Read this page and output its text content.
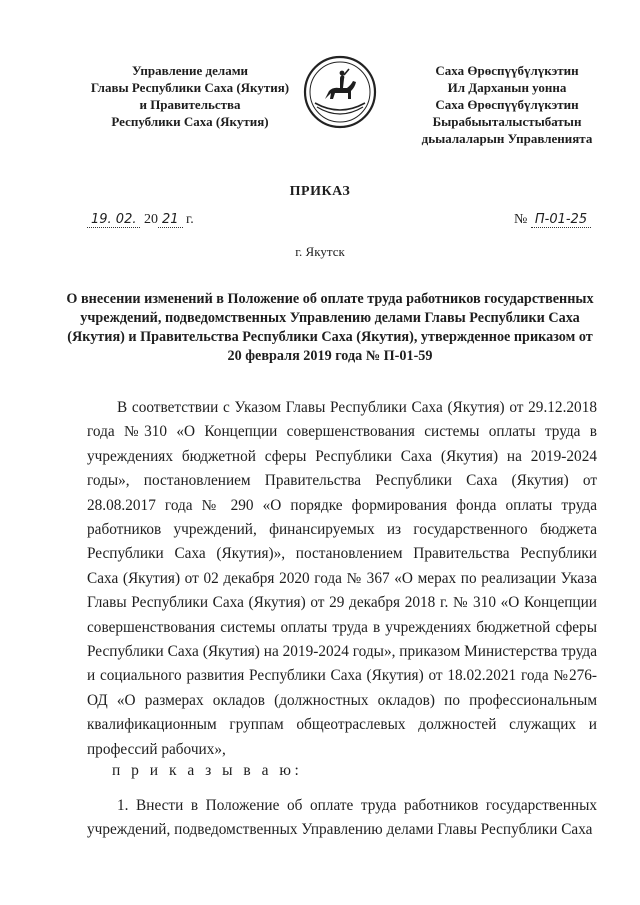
Управление делами
Главы Республики Саха (Якутия)
и Правительства
Республики Саха (Якутия)
Саха Өрөспүүбүлүкэтин
Ил Дарханын уонна
Саха Өрөспүүбүлүкэтин
Бырабыыталыстыбатын
дьыалаларын Управленията
ПРИКАЗ
19. 02. 20 21 г.	№ П-01-25
г. Якутск
О внесении изменений в Положение об оплате труда работников государственных учреждений, подведомственных Управлению делами Главы Республики Саха (Якутия) и Правительства Республики Саха (Якутия), утвержденное приказом от 20 февраля 2019 года № П-01-59
В соответствии с Указом Главы Республики Саха (Якутия) от 29.12.2018 года №310 «О Концепции совершенствования системы оплаты труда в учреждениях бюджетной сферы Республики Саха (Якутия) на 2019-2024 годы», постановлением Правительства Республики Саха (Якутия) от 28.08.2017 года № 290 «О порядке формирования фонда оплаты труда работников учреждений, финансируемых из государственного бюджета Республики Саха (Якутия)», постановлением Правительства Республики Саха (Якутия) от 02 декабря 2020 года № 367 «О мерах по реализации Указа Главы Республики Саха (Якутия) от 29 декабря 2018 г. № 310 «О Концепции совершенствования системы оплаты труда в учреждениях бюджетной сферы Республики Саха (Якутия) на 2019-2024 годы», приказом Министерства труда и социального развития Республики Саха (Якутия) от 18.02.2021 года №276-ОД «О размерах окладов (должностных окладов) по профессиональным квалификационным группам общеотраслевых должностей служащих и профессий рабочих»,
п р и к а з ы в а ю:
1. Внести в Положение об оплате труда работников государственных учреждений, подведомственных Управлению делами Главы Республики Саха
